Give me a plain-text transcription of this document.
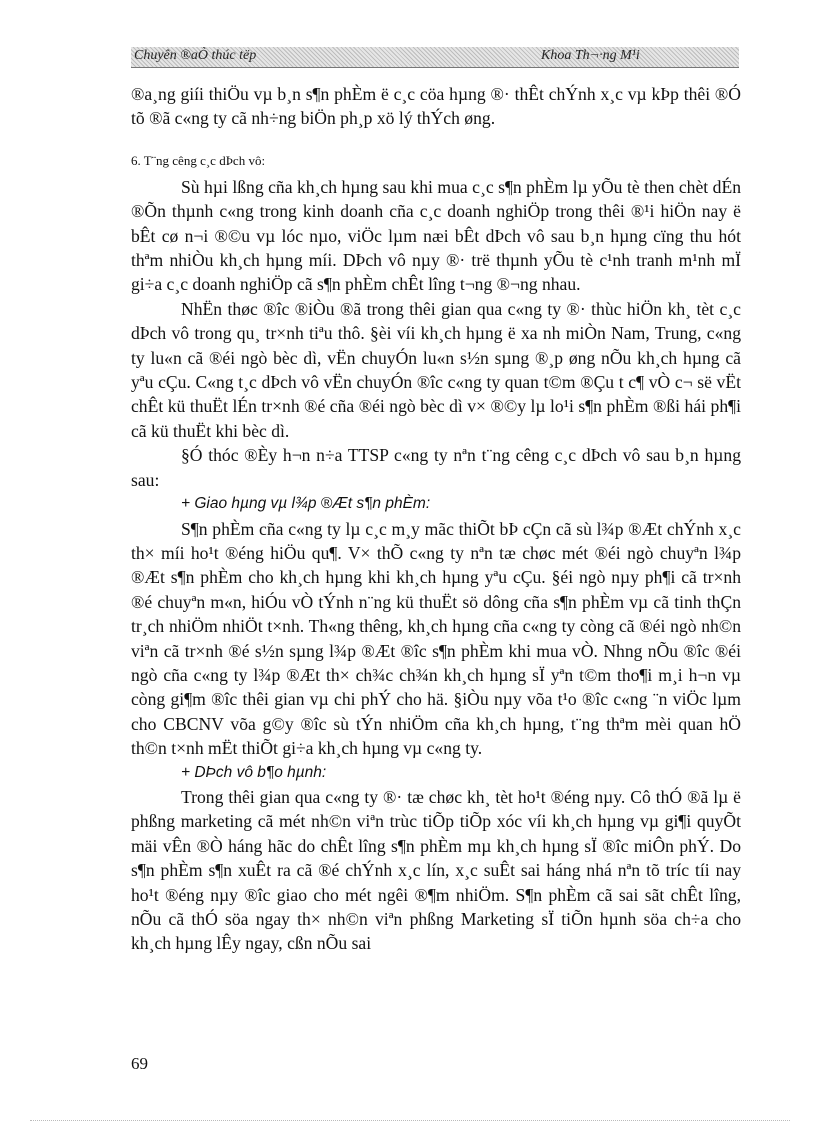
Chuyên ®aÒ thúc tëp	Khoa Th¬·ng M¹i

®a¸ng giíi thiÖu vµ b¸n s¶n phÈm ë c¸c cöa hµng ®· thÊt chÝnh x¸c vµ kÞp thêi ®Ó tõ ®ã c«ng ty cã nh÷ng biÖn ph¸p xö lý thÝch øng.

6. T¨ng cêng c¸c dÞch vô:

Sù hµi lßng cña kh¸ch hµng sau khi mua c¸c s¶n phÈm lµ yÕu tè then chèt dÉn ®Õn thµnh c«ng trong kinh doanh cña c¸c doanh nghiÖp trong thêi ®¹i hiÖn nay ë bÊt cø n¬i ®©u vµ lóc nµo, viÖc lµm næi bÊt dÞch vô sau b¸n hµng cïng thu hót thªm nhiÒu kh¸ch hµng míi. DÞch vô nµy ®· trë thµnh yÕu tè c¹nh tranh m¹nh mÏ gi÷a c¸c doanh nghiÖp cã s¶n phÈm chÊt lîng t¬ng ®¬ng nhau.

NhËn thøc ®îc ®iÒu ®ã trong thêi gian qua c«ng ty ®· thùc hiÖn kh¸ tèt c¸c dÞch vô trong qu¸ tr×nh tiªu thô. §èi víi kh¸ch hµng ë xa nh miÒn Nam, Trung, c«ng ty lu«n cã ®éi ngò bèc dì, vËn chuyÓn lu«n s½n sµng ®¸p øng nÕu kh¸ch hµng cã yªu cÇu. C«ng t¸c dÞch vô vËn chuyÓn ®îc c«ng ty quan t©m ®Çu t c¶ vÒ c¬ së vËt chÊt kü thuËt lÉn tr×nh ®é cña ®éi ngò bèc dì v× ®©y lµ lo¹i s¶n phÈm ®ßi hái ph¶i cã kü thuËt khi bèc dì.

§Ó thóc ®Èy h¬n n÷a TTSP c«ng ty nªn t¨ng cêng c¸c dÞch vô sau b¸n hµng sau:

+ Giao hµng vµ l¾p ®Æt s¶n phÈm:

S¶n phÈm cña c«ng ty lµ c¸c m¸y mãc thiÕt bÞ cÇn cã sù l¾p ®Æt chÝnh x¸c th× míi ho¹t ®éng hiÖu qu¶. V× thÕ c«ng ty nªn tæ chøc mét ®éi ngò chuyªn l¾p ®Æt s¶n phÈm cho kh¸ch hµng khi kh¸ch hµng yªu cÇu. §éi ngò nµy ph¶i cã tr×nh ®é chuyªn m«n, hiÓu vÒ tÝnh n¨ng kü thuËt sö dông cña s¶n phÈm vµ cã tinh thÇn tr¸ch nhiÖm nhiÖt t×nh. Th«ng thêng, kh¸ch hµng cña c«ng ty còng cã ®éi ngò nh©n viªn cã tr×nh ®é s½n sµng l¾p ®Æt ®îc s¶n phÈm khi mua vÒ. Nhng nÕu ®îc ®éi ngò cña c«ng ty l¾p ®Æt th× ch¾c ch¾n kh¸ch hµng sÏ yªn t©m tho¶i m¸i h¬n vµ còng gi¶m ®îc thêi gian vµ chi phÝ cho hä. §iÒu nµy võa t¹o ®îc c«ng ¨n viÖc lµm cho CBCNV võa g©y ®îc sù tÝn nhiÖm cña kh¸ch hµng, t¨ng thªm mèi quan hÖ th©n t×nh mËt thiÕt gi÷a kh¸ch hµng vµ c«ng ty.

+ DÞch vô b¶o hµnh:

Trong thêi gian qua c«ng ty ®· tæ chøc kh¸ tèt ho¹t ®éng nµy. Cô thÓ ®ã lµ ë phßng marketing cã mét nh©n viªn trùc tiÕp tiÕp xóc víi kh¸ch hµng vµ gi¶i quyÕt mäi vÊn ®Ò háng hãc do chÊt lîng s¶n phÈm mµ kh¸ch hµng sÏ ®îc miÔn phÝ. Do s¶n phÈm s¶n xuÊt ra cã ®é chÝnh x¸c lín, x¸c suÊt sai háng nhá nªn tõ tríc tíi nay ho¹t ®éng nµy ®îc giao cho mét ngêi ®¶m nhiÖm. S¶n phÈm cã sai sãt chÊt lîng, nÕu cã thÓ söa ngay th× nh©n viªn phßng Marketing sÏ tiÕn hµnh söa ch÷a cho kh¸ch hµng lÊy ngay, cßn nÕu sai

69
